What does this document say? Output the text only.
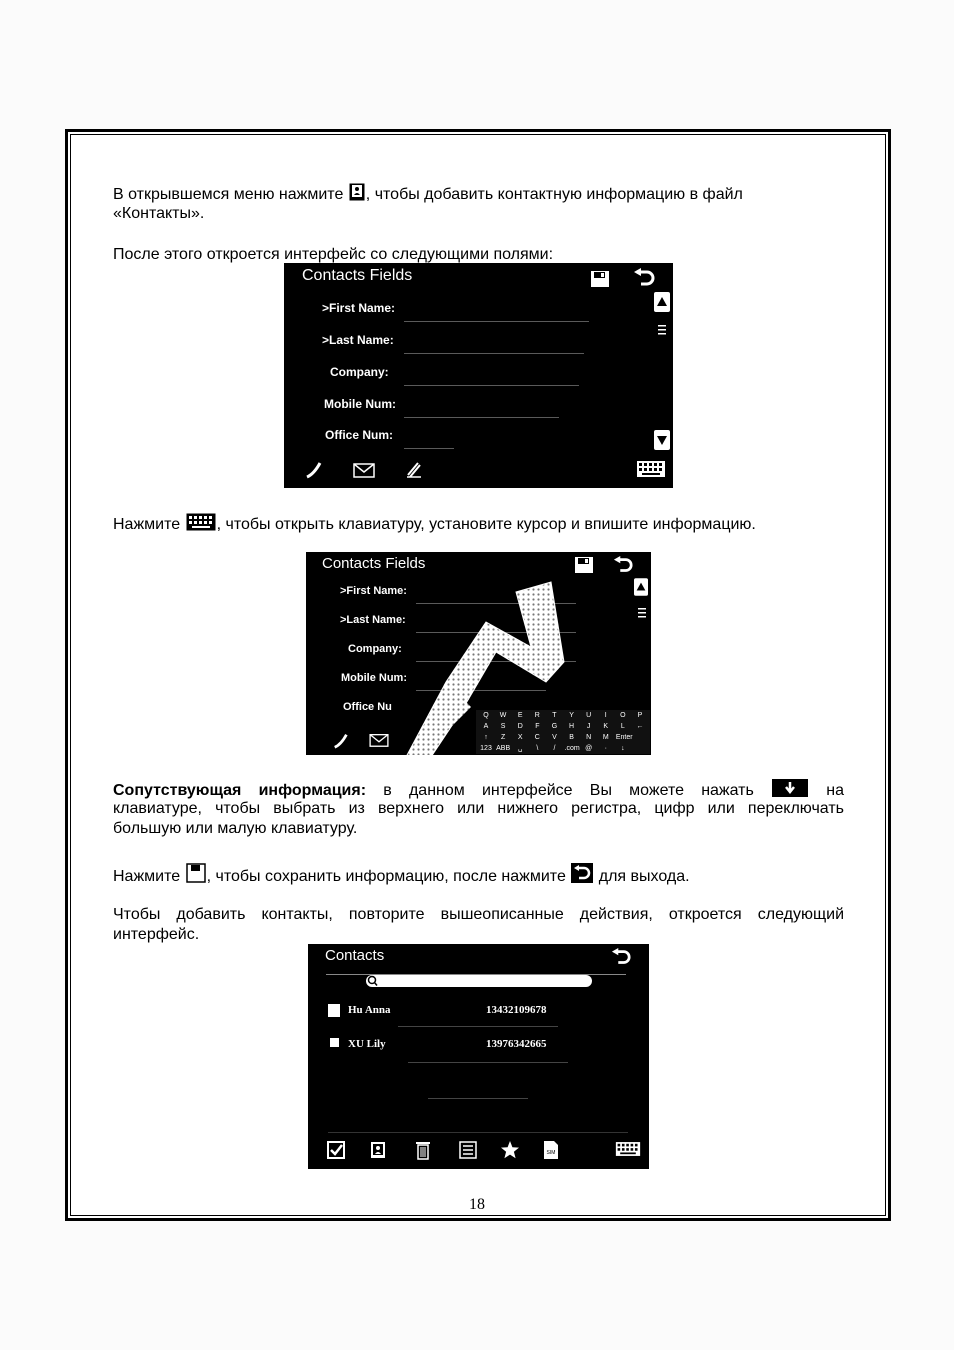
В открывшемся меню нажмите , чтобы добавить контактную информацию в файл
«Контакты».
После этого откроется интерфейс со следующими полями:
Contacts Fields
>First Name:
>Last Name:
Company:
Mobile Num:
Office Num:
Нажмите , чтобы открыть клавиатуру, установите курсор и впишите информацию.
Contacts Fields
>First Name:
>Last Name:
Company:
Mobile Num:
Office Nu
Q	W	E	R	T	Y	U	I	O	P
A	S	D	F	G	H	J	K	L	←
↑	Z	X	C	V	B	N	M	Enter
123 ABB	␣	\	/	.com @	·	↓
Сопутствующая информация: в данном интерфейсе Вы можете нажать	на
клавиатуре, чтобы выбрать из верхнего или нижнего регистра, цифр или переключать
большую или малую клавиатуру.
Нажмите , чтобы сохранить информацию, после нажмите для выхода.
Чтобы добавить контакты, повторите вышеописанные действия, откроется следующий
интерфейс.
Contacts
Hu Anna	13432109678
XU Lily	13976342665
SIM
18
